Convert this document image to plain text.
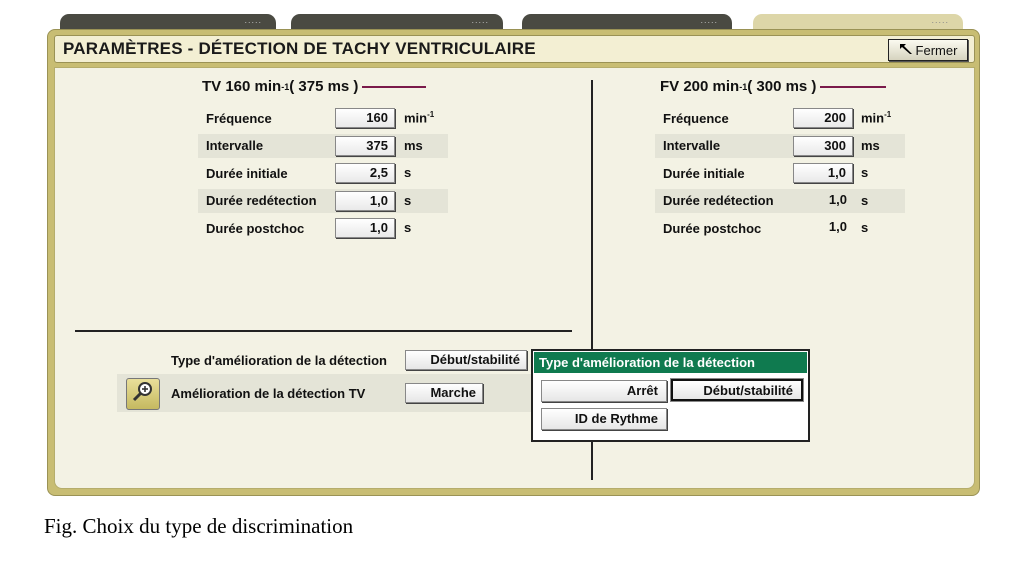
.....	.....	.....	.....
PARAMÈTRES - DÉTECTION DE TACHY VENTRICULAIRE	Fermer
TV 160 min -1 ( 375 ms )
Fréquence	160	$\min^{-1}$
Intervalle	375	ms
Durée initiale	2,5	s
Durée redétection	1,0	s
Durée postchoc	1,0	s
FV 200 min -1 ( 300 ms )
Fréquence	200	$\min^{-1}$
Intervalle	300	ms
Durée initiale	1,0	s
Durée redétection	1,0	s
Durée postchoc	1,0	s
Type d'amélioration de la détection	Début/stabilité
Amélioration de la détection TV	Marche
Type d'amélioration de la détection
Arrêt	Début/stabilité
ID de Rythme
Fig. Choix du type de discrimination
